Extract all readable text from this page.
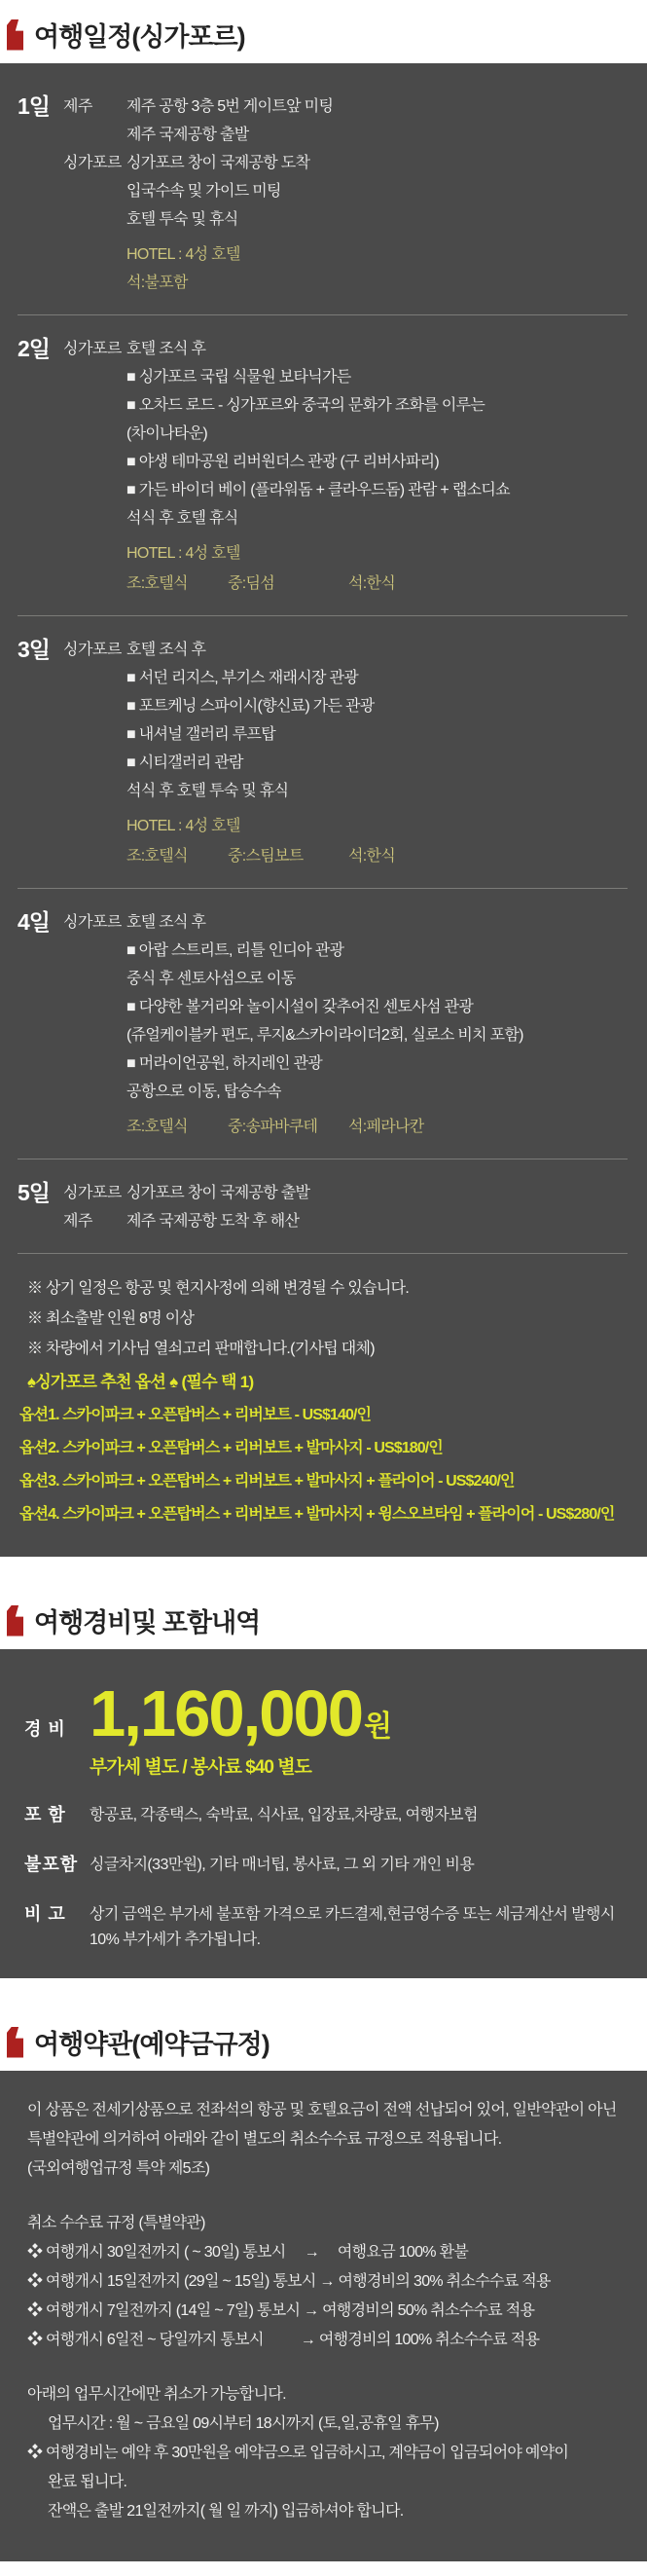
여행일정(싱가포르)
1일 제주	제주 공항 3층 5번 게이트앞 미팅
제주 국제공항 출발
싱가포르 싱가포르 창이 국제공항 도착
입국수속 및 가이드 미팅
호텔 투숙 및 휴식
HOTEL : 4성 호텔
석:불포함
2일 싱가포르 호텔 조식 후
■ 싱가포르 국립 식물원 보타닉가든
■ 오차드 로드 - 싱가포르와 중국의 문화가 조화를 이루는
(차이나타운)
■ 야생 테마공원 리버원더스 관광 (구 리버사파리)
■ 가든 바이더 베이 (플라워돔 + 클라우드돔) 관람 + 랩소디쇼
석식 후 호텔 휴식
HOTEL : 4성 호텔
조:호텔식	중:딤섬	석:한식
3일 싱가포르 호텔 조식 후
■ 서던 리지스, 부기스 재래시장 관광
■ 포트케닝 스파이시(향신료) 가든 관광
■ 내셔널 갤러리 루프탑
■ 시티갤러리 관람
석식 후 호텔 투숙 및 휴식
HOTEL : 4성 호텔
조:호텔식	중:스팀보트	석:한식
4일 싱가포르 호텔 조식 후
■ 아랍 스트리트, 리틀 인디아 관광
중식 후 센토사섬으로 이동
■ 다양한 볼거리와 놀이시설이 갖추어진 센토사섬 관광
(쥬얼케이블카 편도, 루지&스카이라이더2회, 실로소 비치 포함)
■ 머라이언공원, 하지레인 관광
공항으로 이동, 탑승수속
조:호텔식	중:송파바쿠테	석:페라나칸
5일 싱가포르 싱가포르 창이 국제공항 출발
제주	제주 국제공항 도착 후 해산
※ 상기 일정은 항공 및 현지사정에 의해 변경될 수 있습니다.
※ 최소출발 인원 8명 이상
※ 차량에서 기사님 열쇠고리 판매합니다.(기사팁 대체)
♠싱가포르 추천 옵션 ♠ (필수 택 1)
옵션1. 스카이파크 + 오픈탑버스 + 리버보트 - US$140/인
옵션2. 스카이파크 + 오픈탑버스 + 리버보트 + 발마사지 - US$180/인
옵션3. 스카이파크 + 오픈탑버스 + 리버보트 + 발마사지 + 플라이어 - US$240/인
옵션4. 스카이파크 + 오픈탑버스 + 리버보트 + 발마사지 + 윙스오브타임 + 플라이어 - US$280/인
여행경비및 포함내역
경 비 1,160,000원
부가세 별도 / 봉사료 $40 별도
포 함	항공료, 각종택스, 숙박료, 식사료, 입장료,차량료, 여행자보험
불포함 싱글차지(33만원), 기타 매너팁, 봉사료, 그 외 기타 개인 비용
비 고	상기 금액은 부가세 불포함 가격으로 카드결제,현금영수증 또는 세금계산서 발행시 10% 부가세가 추가됩니다.
여행약관(예약금규정)
이 상품은 전세기상품으로 전좌석의 항공 및 호텔요금이 전액 선납되어 있어, 일반약관이 아닌 특별약관에 의거하여 아래와 같이 별도의 취소수수료 규정으로 적용됩니다.
(국외여행업규정 특약 제5조)
취소 수수료 규정 (특별약관)
❖ 여행개시 30일전까지 ( ~ 30일) 통보시　 →　 여행요금 100% 환불
❖ 여행개시 15일전까지 (29일 ~ 15일) 통보시 → 여행경비의 30% 취소수수료 적용
❖ 여행개시 7일전까지 (14일 ~ 7일) 통보시 → 여행경비의 50% 취소수수료 적용
❖ 여행개시 6일전 ~ 당일까지 통보시 　　 → 여행경비의 100% 취소수수료 적용
아래의 업무시간에만 취소가 가능합니다.
업무시간 : 월 ~ 금요일 09시부터 18시까지 (토,일,공휴일 휴무)
❖ 여행경비는 예약 후 30만원을 예약금으로 입금하시고, 계약금이 입금되어야 예약이
완료 됩니다.
잔액은 출발 21일전까지( 월 일 까지) 입금하셔야 합니다.
